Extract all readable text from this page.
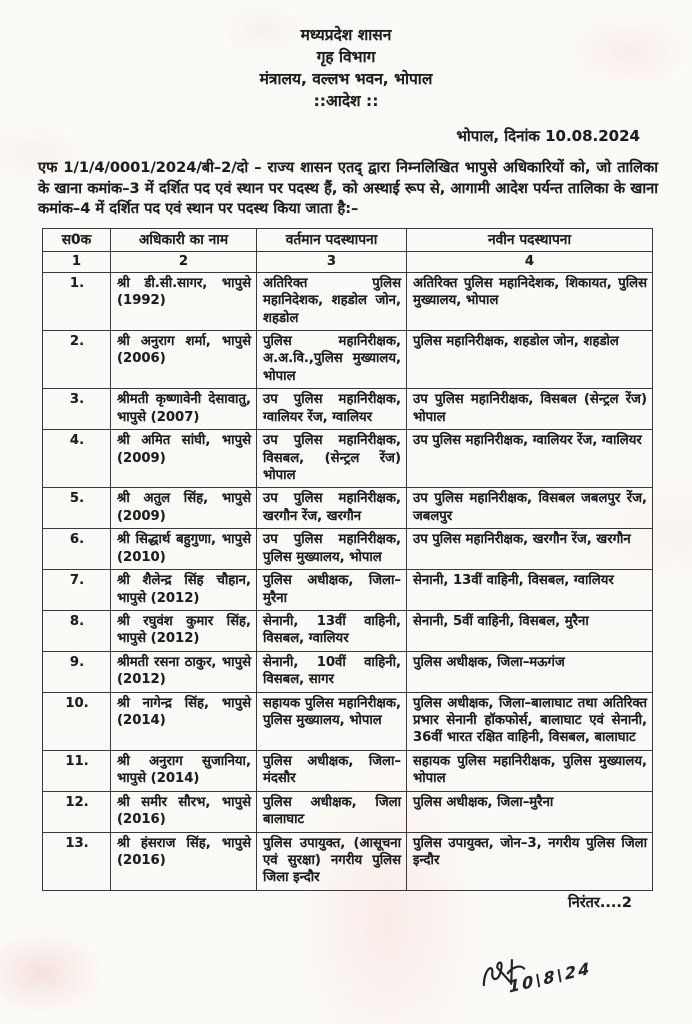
मध्यप्रदेश शासन
गृह विभाग
मंत्रालय, वल्लभ भवन, भोपाल
::आदेश ::
भोपाल, दिनांक 10.08.2024
एफ 1/1/4/0001/2024/बी–2/दो – राज्य शासन एतद् द्वारा निम्नलिखित भापुसे अधिकारियों को, जो तालिका के खाना कमांक–3 में दर्शित पद एवं स्थान पर पदस्थ हैं, को अस्थाई रूप से, आगामी आदेश पर्यन्त तालिका के खाना कमांक–4 में दर्शित पद एवं स्थान पर पदस्थ किया जाता है:–
स0क	अधिकारी का नाम	वर्तमान पदस्थापना	नवीन पदस्थापना
1	2	3	4
1.	श्री डी.सी.सागर, भापुसे (1992)	अतिरिक्त पुलिस महानिदेशक, शहडोल जोन, शहडोल	अतिरिक्त पुलिस महानिदेशक, शिकायत, पुलिस मुख्यालय, भोपाल
2.	श्री अनुराग शर्मा, भापुसे (2006)	पुलिस महानिरीक्षक, अ.अ.वि.,पुलिस मुख्यालय, भोपाल	पुलिस महानिरीक्षक, शहडोल जोन, शहडोल
3.	श्रीमती कृष्णावेनी देसावातु, भापुसे (2007)	उप पुलिस महानिरीक्षक, ग्वालियर रेंज, ग्वालियर	उप पुलिस महानिरीक्षक, विसबल (सेन्ट्रल रेंज) भोपाल
4.	श्री अमित सांघी, भापुसे (2009)	उप पुलिस महानिरीक्षक, विसबल, (सेन्ट्रल रेंज) भोपाल	उप पुलिस महानिरीक्षक, ग्वालियर रेंज, ग्वालियर
5.	श्री अतुल सिंह, भापुसे (2009)	उप पुलिस महानिरीक्षक, खरगौन रेंज, खरगौन	उप पुलिस महानिरीक्षक, विसबल जबलपुर रेंज, जबलपुर
6.	श्री सिद्धार्थ बहुगुणा, भापुसे (2010)	उप पुलिस महानिरीक्षक, पुलिस मुख्यालय, भोपाल	उप पुलिस महानिरीक्षक, खरगौन रेंज, खरगौन
7.	श्री शैलेन्द्र सिंह चौहान, भापुसे (2012)	पुलिस अधीक्षक, जिला–मुरैना	सेनानी, 13वीं वाहिनी, विसबल, ग्वालियर
8.	श्री रघुवंश कुमार सिंह, भापुसे (2012)	सेनानी, 13वीं वाहिनी, विसबल, ग्वालियर	सेनानी, 5वीं वाहिनी, विसबल, मुरैना
9.	श्रीमती रसना ठाकुर, भापुसे (2012)	सेनानी, 10वीं वाहिनी, विसबल, सागर	पुलिस अधीक्षक, जिला–मऊगंज
10.	श्री नागेन्द्र सिंह, भापुसे (2014)	सहायक पुलिस महानिरीक्षक, पुलिस मुख्यालय, भोपाल	पुलिस अधीक्षक, जिला–बालाघाट तथा अतिरिक्त प्रभार सेनानी हॉकफोर्स, बालाघाट एवं सेनानी, 36वीं भारत रक्षित वाहिनी, विसबल, बालाघाट
11.	श्री अनुराग सुजानिया, भापुसे (2014)	पुलिस अधीक्षक, जिला–मंदसौर	सहायक पुलिस महानिरीक्षक, पुलिस मुख्यालय, भोपाल
12.	श्री समीर सौरभ, भापुसे (2016)	पुलिस अधीक्षक, जिला बालाघाट	पुलिस अधीक्षक, जिला–मुरैना
13.	श्री हंसराज सिंह, भापुसे (2016)	पुलिस उपायुक्त, (आसूचना एवं सुरक्षा) नगरीय पुलिस जिला इन्दौर	पुलिस उपायुक्त, जोन–3, नगरीय पुलिस जिला इन्दौर
निरंतर....2
10\8\24
